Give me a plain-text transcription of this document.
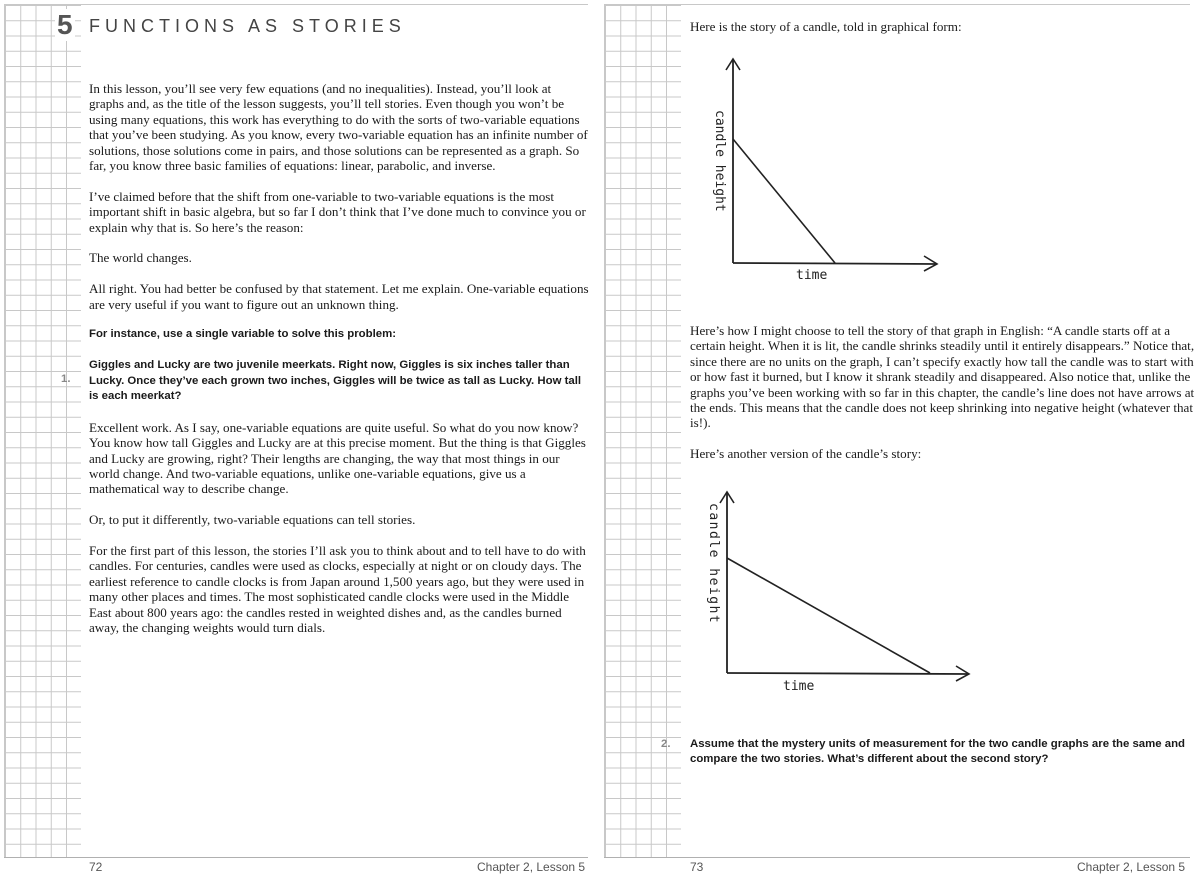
5 FUNCTIONS AS STORIES

In this lesson, you’ll see very few equations (and no inequalities). Instead, you’ll look at graphs and, as the title of the lesson suggests, you’ll tell stories. Even though you won’t be using many equations, this work has everything to do with the sorts of two-variable equations that you’ve been studying. As you know, every two-variable equation has an infinite number of solutions, those solutions come in pairs, and those solutions can be represented as a graph. So far, you know three basic families of equations: linear, parabolic, and inverse.

I’ve claimed before that the shift from one-variable to two-variable equations is the most important shift in basic algebra, but so far I don’t think that I’ve done much to convince you or explain why that is. So here’s the reason:

The world changes.

All right. You had better be confused by that statement. Let me explain. One-variable equations are very useful if you want to figure out an unknown thing.

For instance, use a single variable to solve this problem:

Giggles and Lucky are two juvenile meerkats. Right now, Giggles is six inches taller than Lucky. Once they’ve each grown two inches, Giggles will be twice as tall as Lucky. How tall is each meerkat?

Excellent work. As I say, one-variable equations are quite useful. So what do you now know? You know how tall Giggles and Lucky are at this precise moment. But the thing is that Giggles and Lucky are growing, right? Their lengths are changing, the way that most things in our world change. And two-variable equations, unlike one-variable equations, give us a mathematical way to describe change.

Or, to put it differently, two-variable equations can tell stories.

For the first part of this lesson, the stories I’ll ask you to think about and to tell have to do with candles. For centuries, candles were used as clocks, especially at night or on cloudy days. The earliest reference to candle clocks is from Japan around 1,500 years ago, but they were used in many other places and times. The most sophisticated candle clocks were used in the Middle East about 800 years ago: the candles rested in weighted dishes and, as the candles burned away, the changing weights would turn dials.

1.

Here is the story of a candle, told in graphical form:

candle height
time

Here’s how I might choose to tell the story of that graph in English: “A candle starts off at a certain height. When it is lit, the candle shrinks steadily until it entirely disappears.” Notice that, since there are no units on the graph, I can’t specify exactly how tall the candle was to start with or how fast it burned, but I know it shrank steadily and disappeared. Also notice that, unlike the graphs you’ve been working with so far in this chapter, the candle’s line does not have arrows at the ends. This means that the candle does not keep shrinking into negative height (whatever that is!).

Here’s another version of the candle’s story:

candle height
time
2. Assume that the mystery units of measurement for the two candle graphs are the same and compare the two stories. What’s different about the second story?

72	Chapter 2, Lesson 5	73	Chapter 2, Lesson 5
